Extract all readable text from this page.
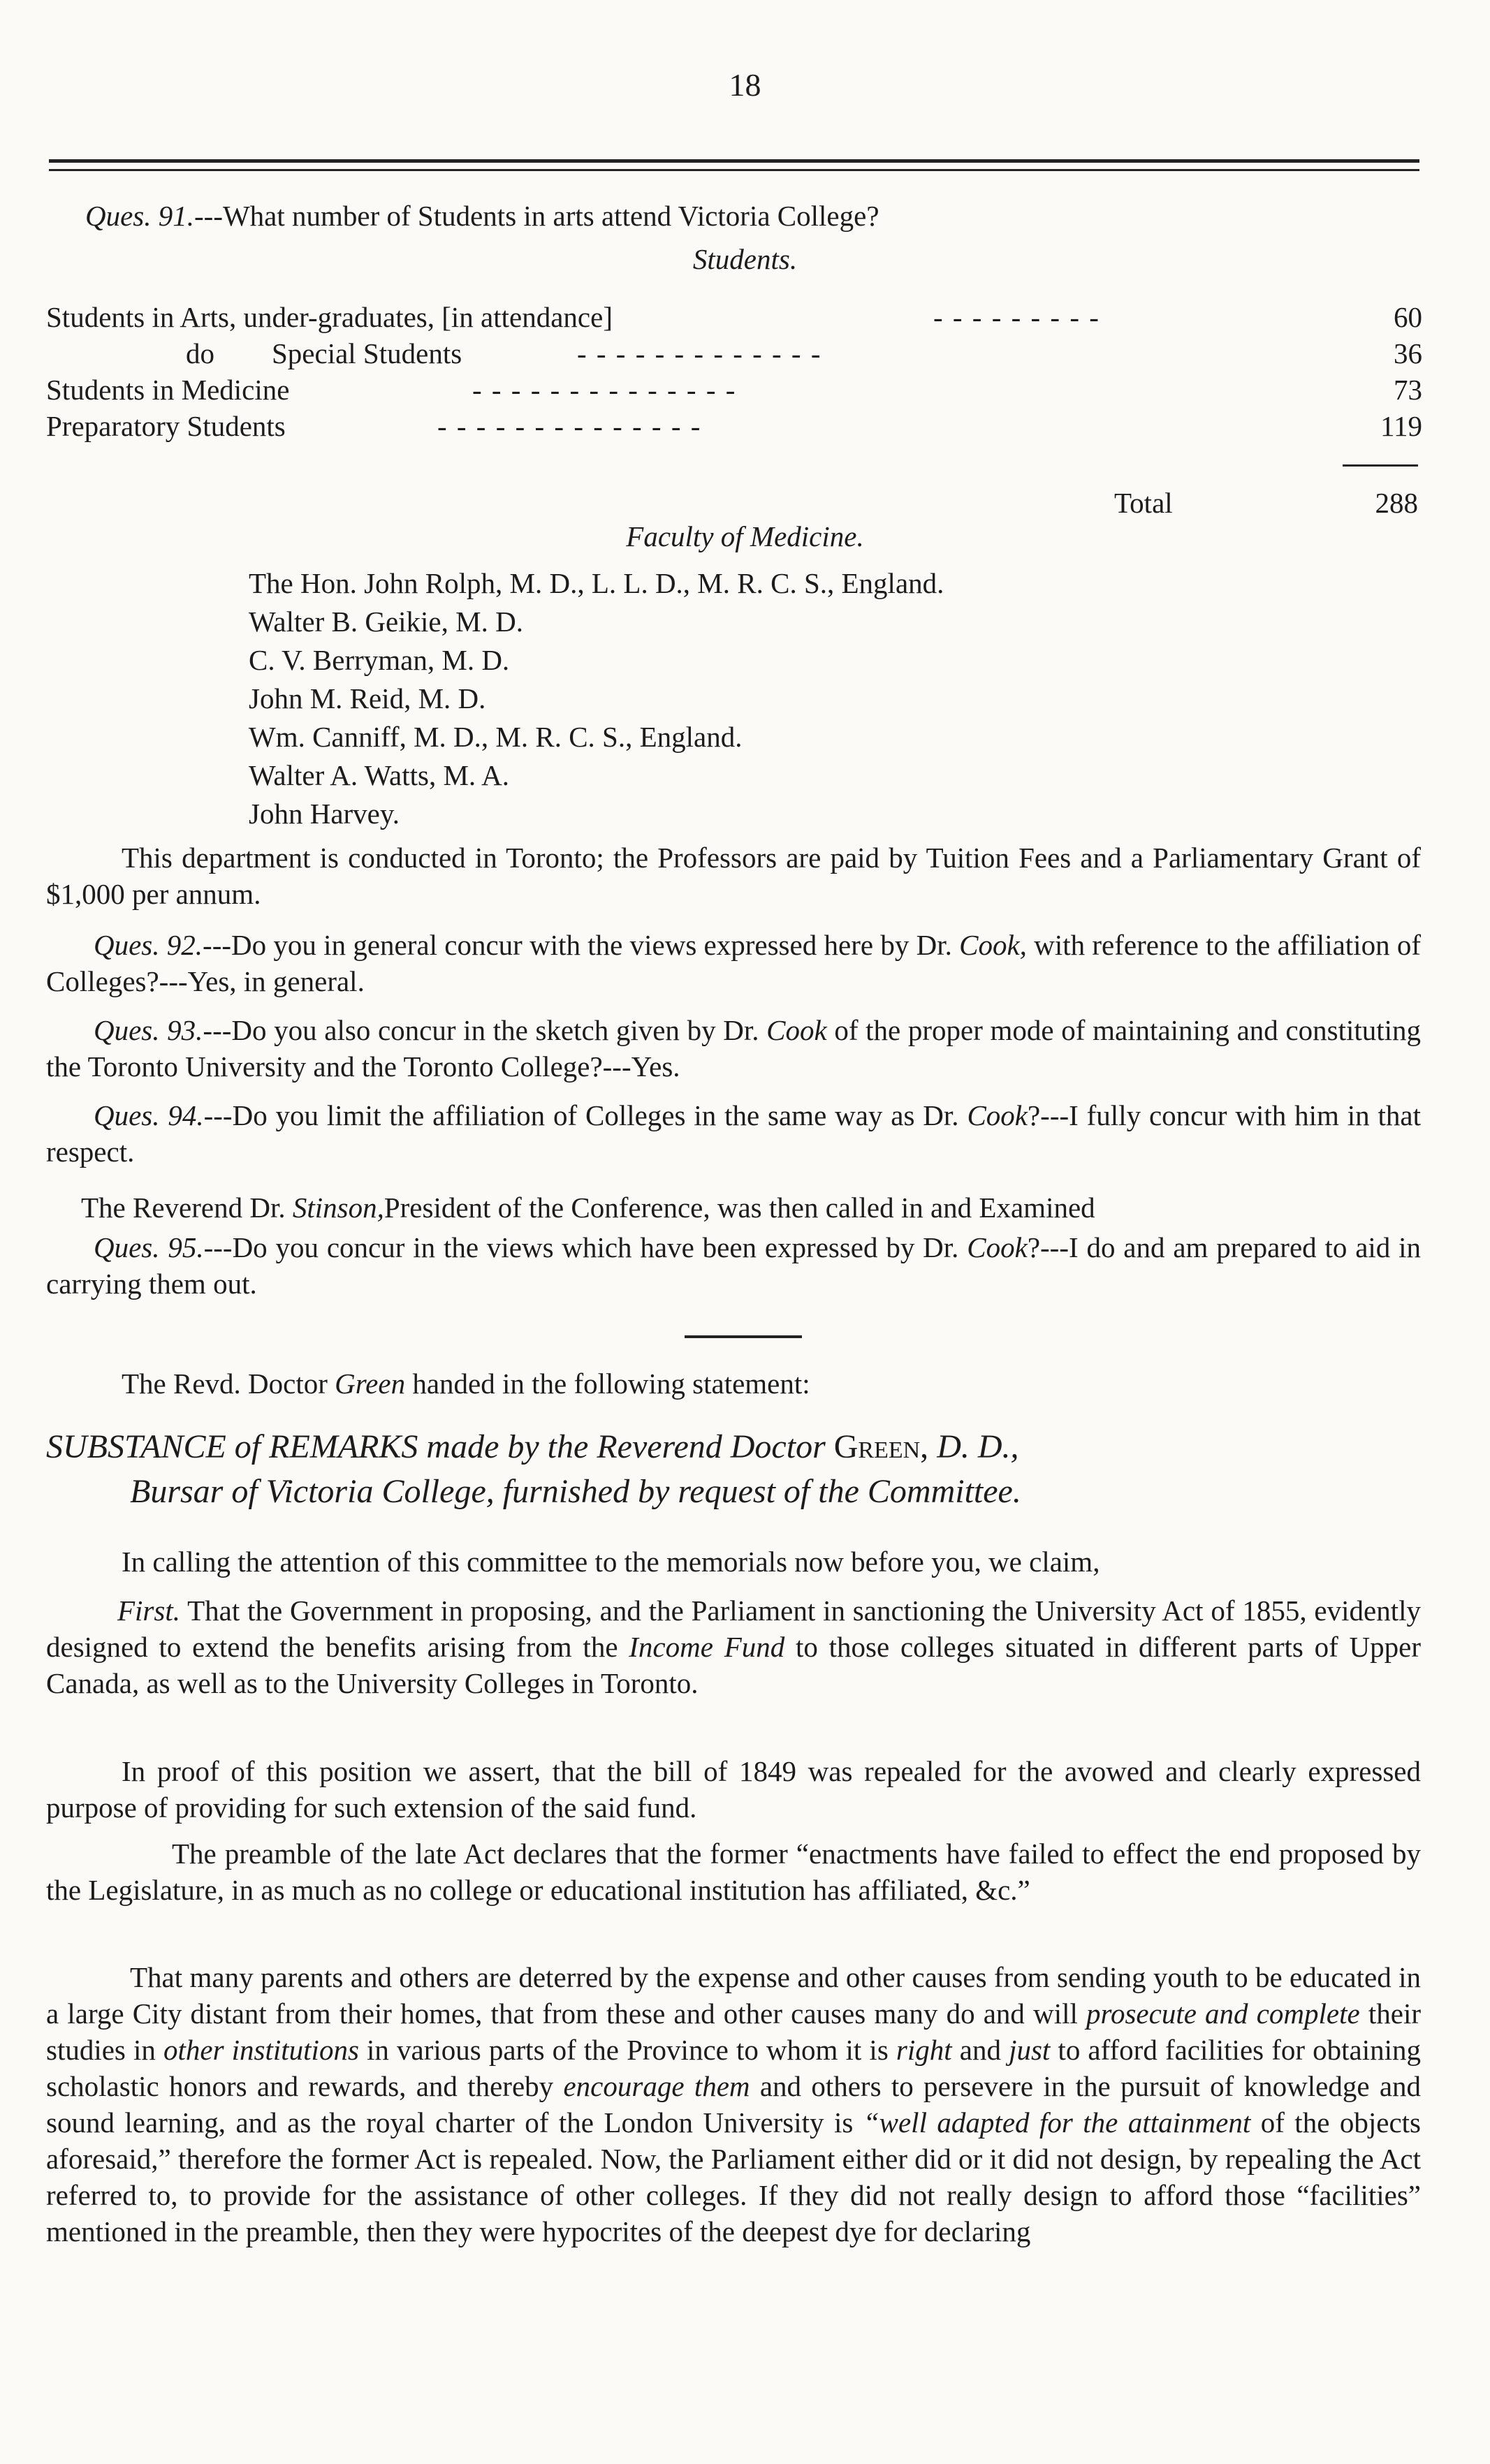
18
Ques. 91.---What number of Students in arts attend Victoria College?
Students.
Students in Arts, under-graduates, [in attendance]	- - - - - - - - -	60
do        Special Students	- - - - - - - - - - - - -	36
Students in Medicine	- - - - - - - - - - - - - -	73
Preparatory Students	- - - - - - - - - - - - - -	119
Total	288
Faculty of Medicine.
The Hon. John Rolph, M. D., L. L. D., M. R. C. S., England.
Walter B. Geikie, M. D.
C. V. Berryman, M. D.
John M. Reid, M. D.
Wm. Canniff, M. D., M. R. C. S., England.
Walter A. Watts, M. A.
John Harvey.
This department is conducted in Toronto; the Professors are paid by Tuition Fees and a Parliamentary Grant of $1,000 per annum.
Ques. 92.---Do you in general concur with the views expressed here by Dr. Cook, with reference to the affiliation of Colleges?---Yes, in general.
Ques. 93.---Do you also concur in the sketch given by Dr. Cook of the proper mode of maintaining and constituting the Toronto University and the Toronto College?---Yes.
Ques. 94.---Do you limit the affiliation of Colleges in the same way as Dr. Cook?---I fully concur with him in that respect.
The Reverend Dr. Stinson,President of the Conference, was then called in and Examined
Ques. 95.---Do you concur in the views which have been expressed by Dr. Cook?---I do and am prepared to aid in carrying them out.
The Revd. Doctor Green handed in the following statement:
SUBSTANCE of REMARKS made by the Reverend Doctor Green, D. D.,
Bursar of Victoria College, furnished by request of the Committee.
In calling the attention of this committee to the memorials now before you, we claim,
First. That the Government in proposing, and the Parliament in sanctioning the University Act of 1855, evidently designed to extend the benefits arising from the Income Fund to those colleges situated in different parts of Upper Canada, as well as to the University Colleges in Toronto.
In proof of this position we assert, that the bill of 1849 was repealed for the avowed and clearly expressed purpose of providing for such extension of the said fund.
The preamble of the late Act declares that the former “enactments have failed to effect the end proposed by the Legislature, in as much as no college or educational institution has affiliated, &c.”
That many parents and others are deterred by the expense and other causes from sending youth to be educated in a large City distant from their homes, that from these and other causes many do and will prosecute and complete their studies in other institutions in various parts of the Province to whom it is right and just to afford facilities for obtaining scholastic honors and rewards, and thereby encourage them and others to persevere in the pursuit of knowledge and sound learning, and as the royal charter of the London University is “well adapted for the attainment of the objects aforesaid,” therefore the former Act is repealed. Now, the Parliament either did or it did not design, by repealing the Act referred to, to provide for the assistance of other colleges. If they did not really design to afford those “facilities” mentioned in the preamble, then they were hypocrites of the deepest dye for declaring
